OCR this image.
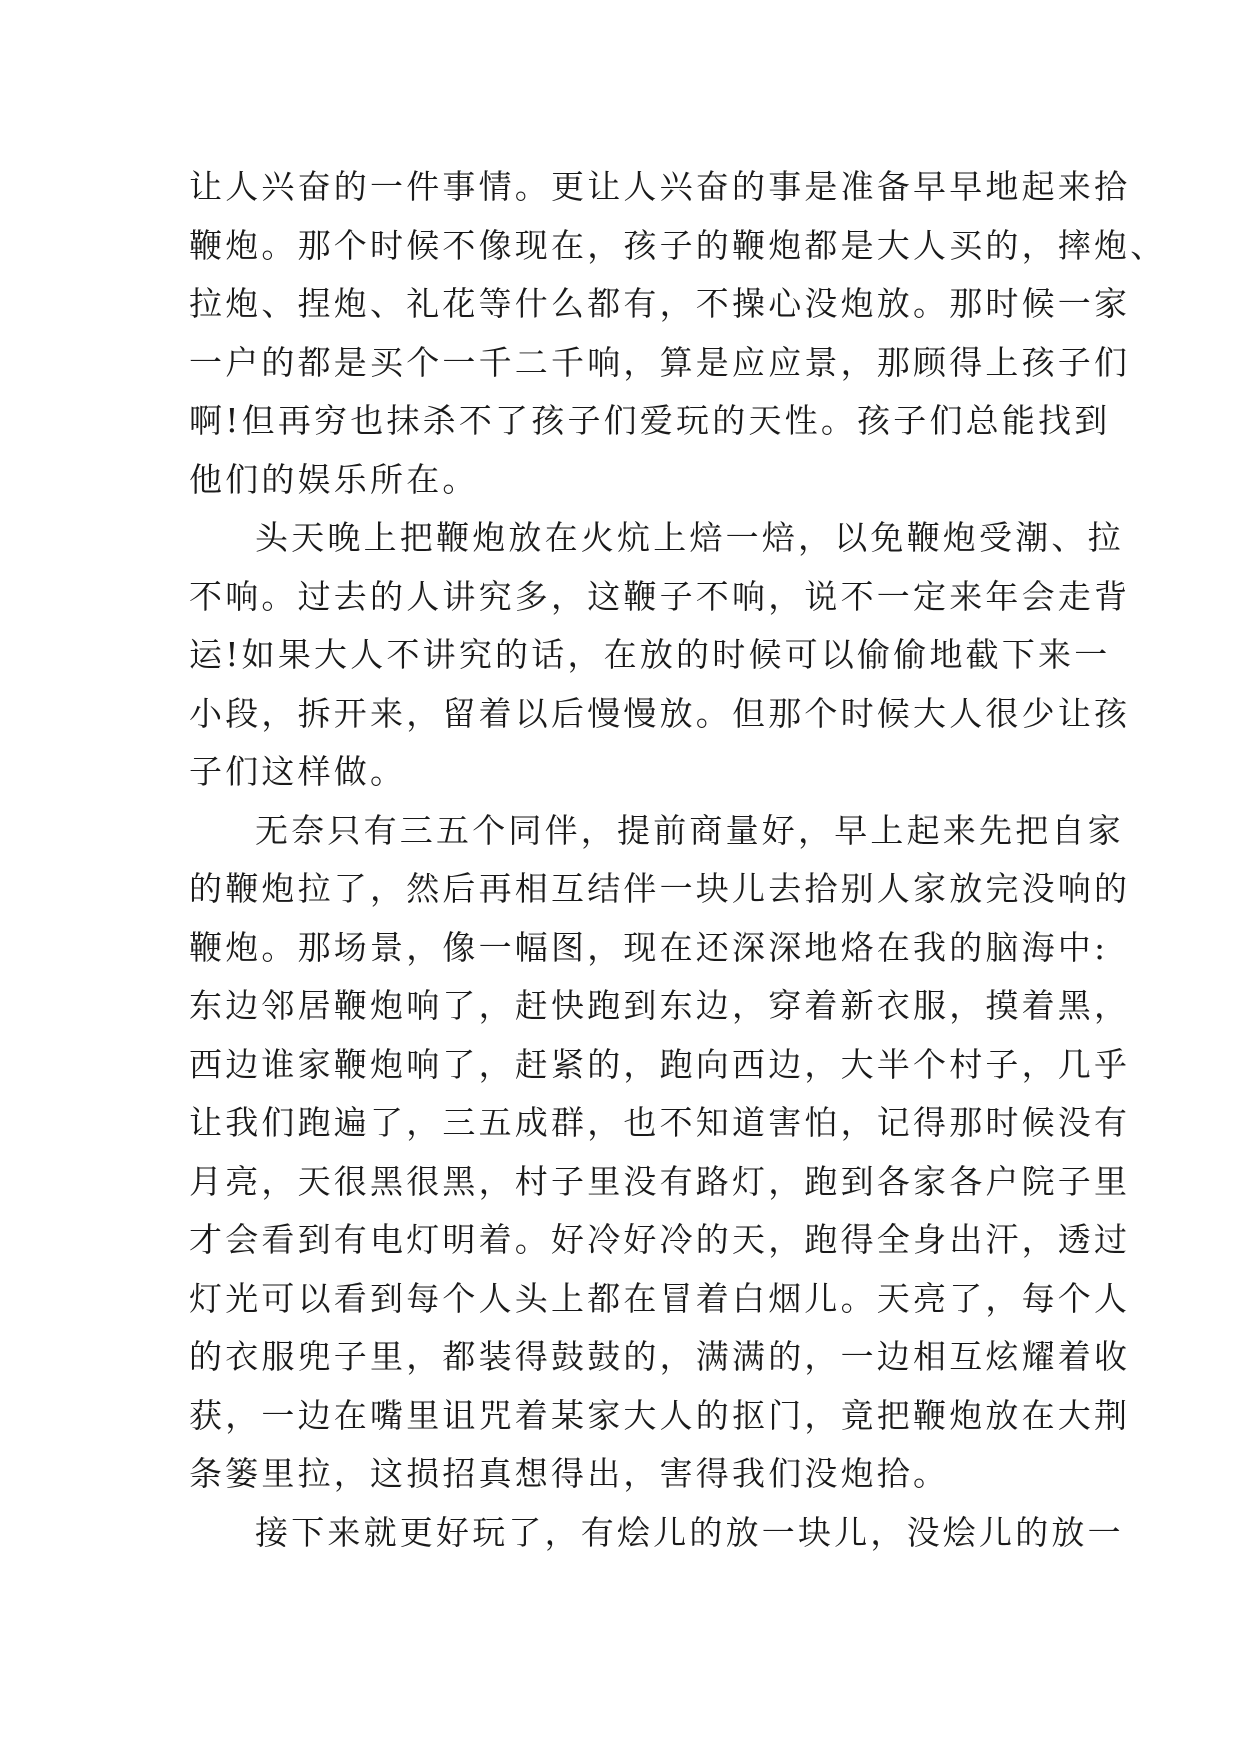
让人兴奋的一件事情。更让人兴奋的事是准备早早地起来拾
鞭炮。那个时候不像现在，孩子的鞭炮都是大人买的，摔炮、
拉炮、捏炮、礼花等什么都有，不操心没炮放。那时候一家
一户的都是买个一千二千响，算是应应景，那顾得上孩子们
啊!但再穷也抹杀不了孩子们爱玩的天性。孩子们总能找到
他们的娱乐所在。
头天晚上把鞭炮放在火炕上焙一焙，以免鞭炮受潮、拉
不响。过去的人讲究多，这鞭子不响，说不一定来年会走背
运!如果大人不讲究的话，在放的时候可以偷偷地截下来一
小段，拆开来，留着以后慢慢放。但那个时候大人很少让孩
子们这样做。
无奈只有三五个同伴，提前商量好，早上起来先把自家
的鞭炮拉了，然后再相互结伴一块儿去拾别人家放完没响的
鞭炮。那场景，像一幅图，现在还深深地烙在我的脑海中:
东边邻居鞭炮响了，赶快跑到东边，穿着新衣服，摸着黑，
西边谁家鞭炮响了，赶紧的，跑向西边，大半个村子，几乎
让我们跑遍了，三五成群，也不知道害怕，记得那时候没有
月亮，天很黑很黑，村子里没有路灯，跑到各家各户院子里
才会看到有电灯明着。好冷好冷的天，跑得全身出汗，透过
灯光可以看到每个人头上都在冒着白烟儿。天亮了，每个人
的衣服兜子里，都装得鼓鼓的，满满的，一边相互炫耀着收
获，一边在嘴里诅咒着某家大人的抠门，竟把鞭炮放在大荆
条篓里拉，这损招真想得出，害得我们没炮拾。
接下来就更好玩了，有烩儿的放一块儿，没烩儿的放一
